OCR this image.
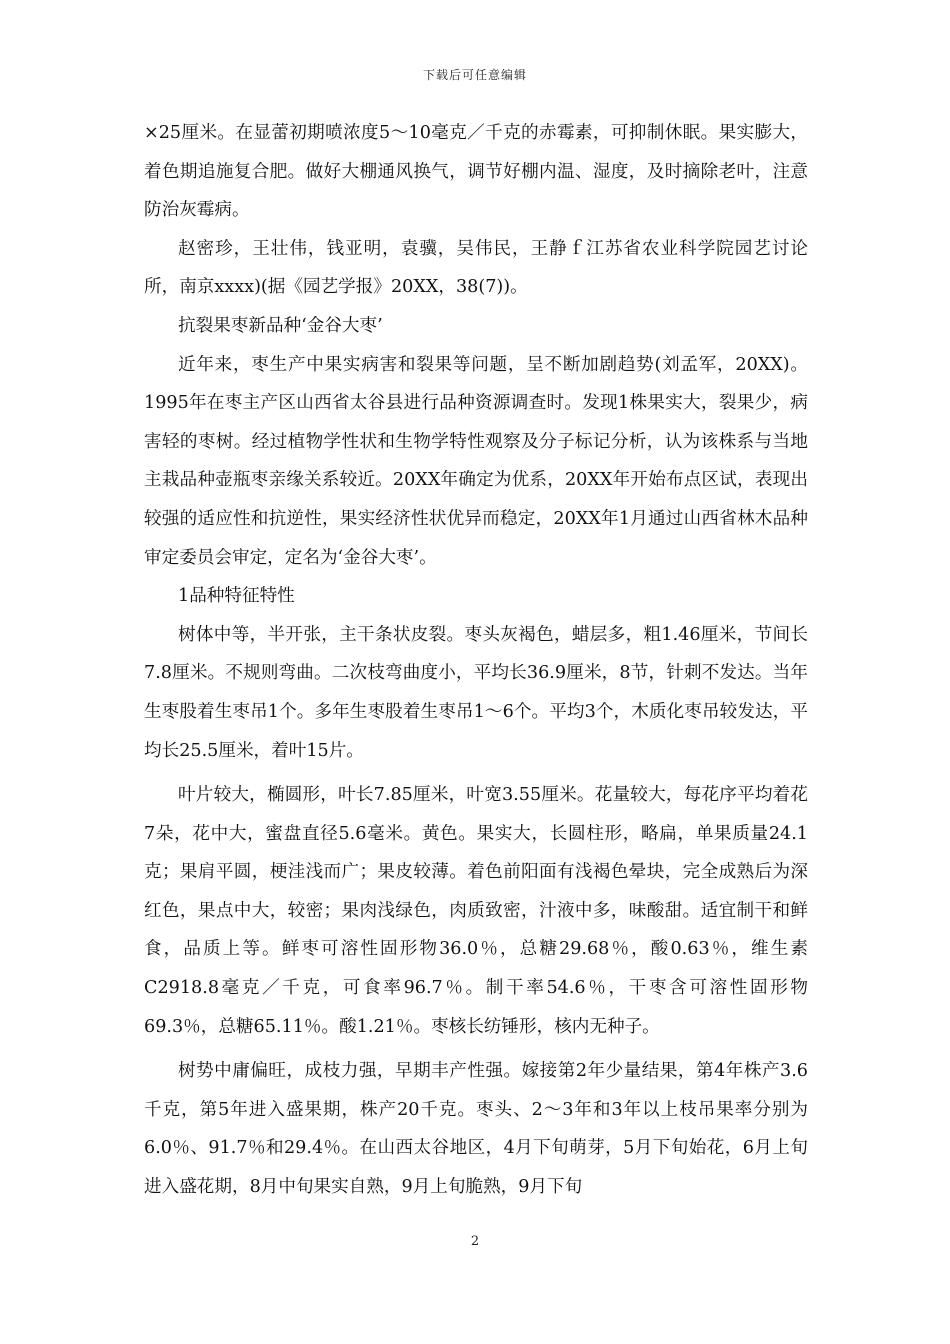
下载后可任意编辑

×25厘米。在显蕾初期喷浓度5～10毫克／千克的赤霉素，可抑制休眠。果实膨大，着色期追施复合肥。做好大棚通风换气，调节好棚内温、湿度，及时摘除老叶，注意防治灰霉病。

赵密珍，王壮伟，钱亚明，袁骥，吴伟民，王静ｆ江苏省农业科学院园艺讨论所，南京xxxx)(据《园艺学报》20XX，38(7))。

抗裂果枣新品种‘金谷大枣’

近年来，枣生产中果实病害和裂果等问题，呈不断加剧趋势(刘孟军，20XX)。1995年在枣主产区山西省太谷县进行品种资源调查时。发现1株果实大，裂果少，病害轻的枣树。经过植物学性状和生物学特性观察及分子标记分析，认为该株系与当地主栽品种壶瓶枣亲缘关系较近。20XX年确定为优系，20XX年开始布点区试，表现出较强的适应性和抗逆性，果实经济性状优异而稳定，20XX年1月通过山西省林木品种审定委员会审定，定名为‘金谷大枣’。

1品种特征特性

树体中等，半开张，主干条状皮裂。枣头灰褐色，蜡层多，粗1.46厘米，节间长7.8厘米。不规则弯曲。二次枝弯曲度小，平均长36.9厘米，8节，针刺不发达。当年生枣股着生枣吊1个。多年生枣股着生枣吊1～6个。平均3个，木质化枣吊较发达，平均长25.5厘米，着叶15片。

叶片较大，椭圆形，叶长7.85厘米，叶宽3.55厘米。花量较大，每花序平均着花7朵，花中大，蜜盘直径5.6毫米。黄色。果实大，长圆柱形，略扁，单果质量24.1克；果肩平圆，梗洼浅而广；果皮较薄。着色前阳面有浅褐色晕块，完全成熟后为深红色，果点中大，较密；果肉浅绿色，肉质致密，汁液中多，味酸甜。适宜制干和鲜食，品质上等。鲜枣可溶性固形物36.0％，总糖29.68％，酸0.63％，维生素C2918.8毫克／千克，可食率96.7％。制干率54.6％，干枣含可溶性固形物69.3％，总糖65.11％。酸1.21％。枣核长纺锤形，核内无种子。

树势中庸偏旺，成枝力强，早期丰产性强。嫁接第2年少量结果，第4年株产3.6千克，第5年进入盛果期，株产20千克。枣头、2～3年和3年以上枝吊果率分别为6.0％、91.7％和29.4％。在山西太谷地区，4月下旬萌芽，5月下旬始花，6月上旬进入盛花期，8月中旬果实自熟，9月上旬脆熟，9月下旬

2
